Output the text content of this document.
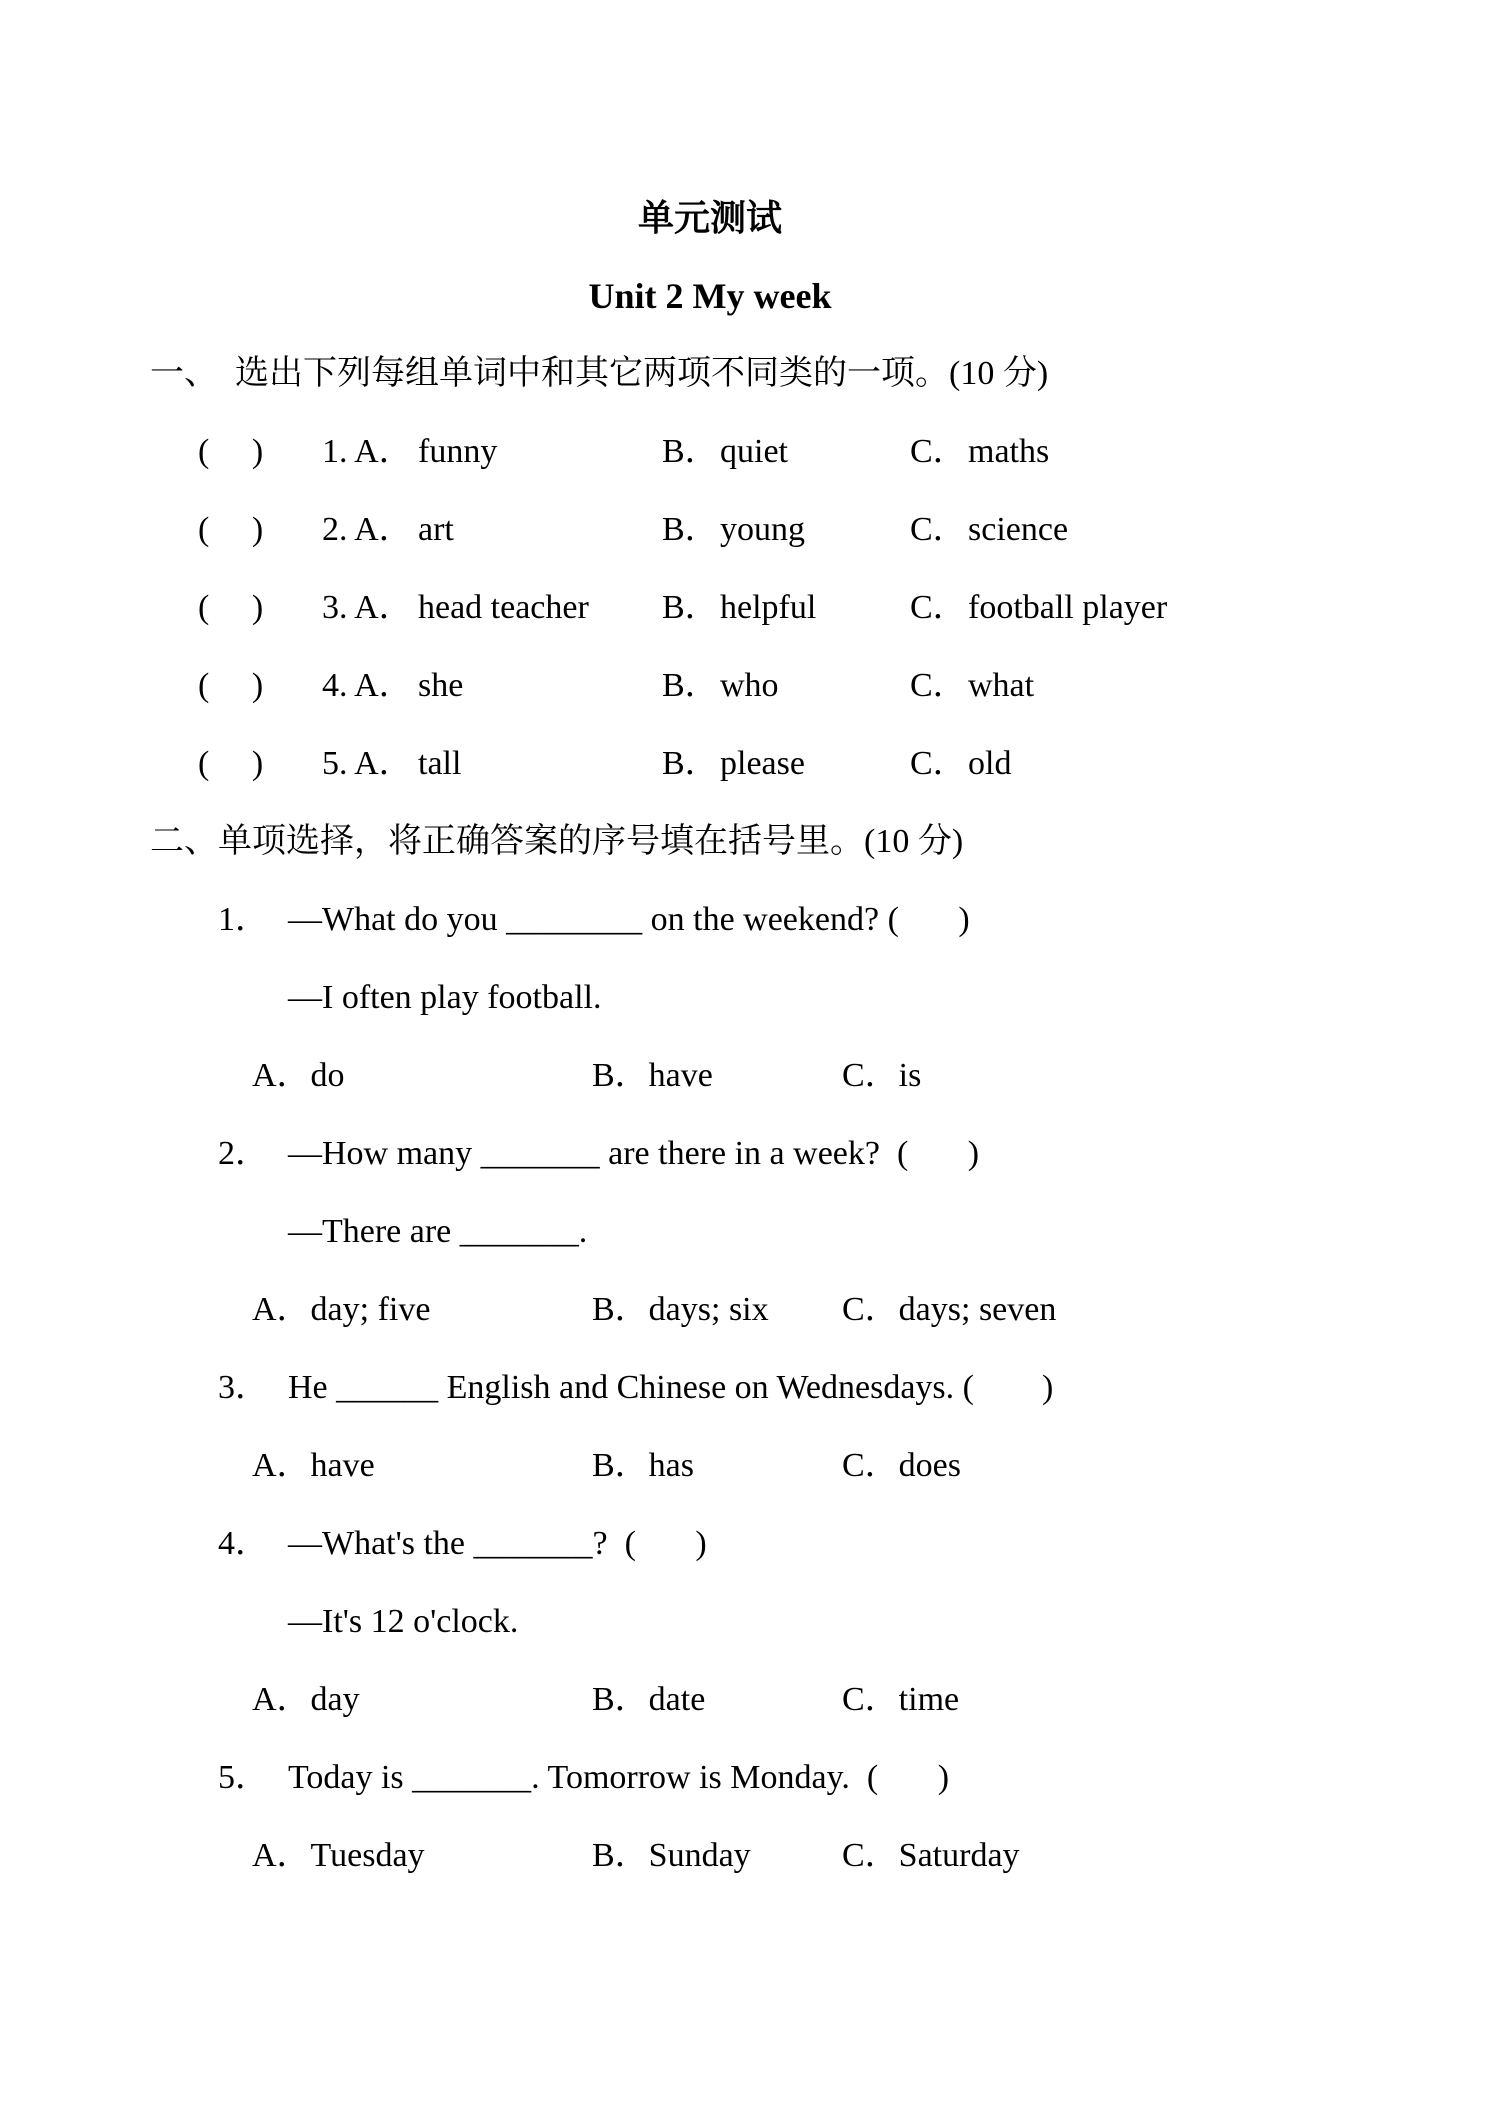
单元测试
Unit 2 My week
一、  选出下列每组单词中和其它两项不同类的一项。(10 分)
(     ) 1. A． funny	B． quiet	C． maths
(     ) 2. A． art	B． young	C． science
(     ) 3. A． head teacher B． helpful	C． football player
(     ) 4. A． she	B． who	C． what
(     ) 5. A． tall	B． please	C． old
二、单项选择，将正确答案的序号填在括号里。(10 分)
1． —What do you ________ on the weekend? (       )
—I often play football.
A．do	B．have	C．is
2． —How many _______ are there in a week?  (       )
—There are _______.
A．day; five	B．days; six C．days; seven
3． He ______ English and Chinese on Wednesdays. (        )
A．have	B．has	C．does
4． —What's the _______?  (       )
—It's 12 o'clock.
A．day	B．date	C．time
5． Today is _______. Tomorrow is Monday.  (       )
A．Tuesday	B．Sunday	C．Saturday
